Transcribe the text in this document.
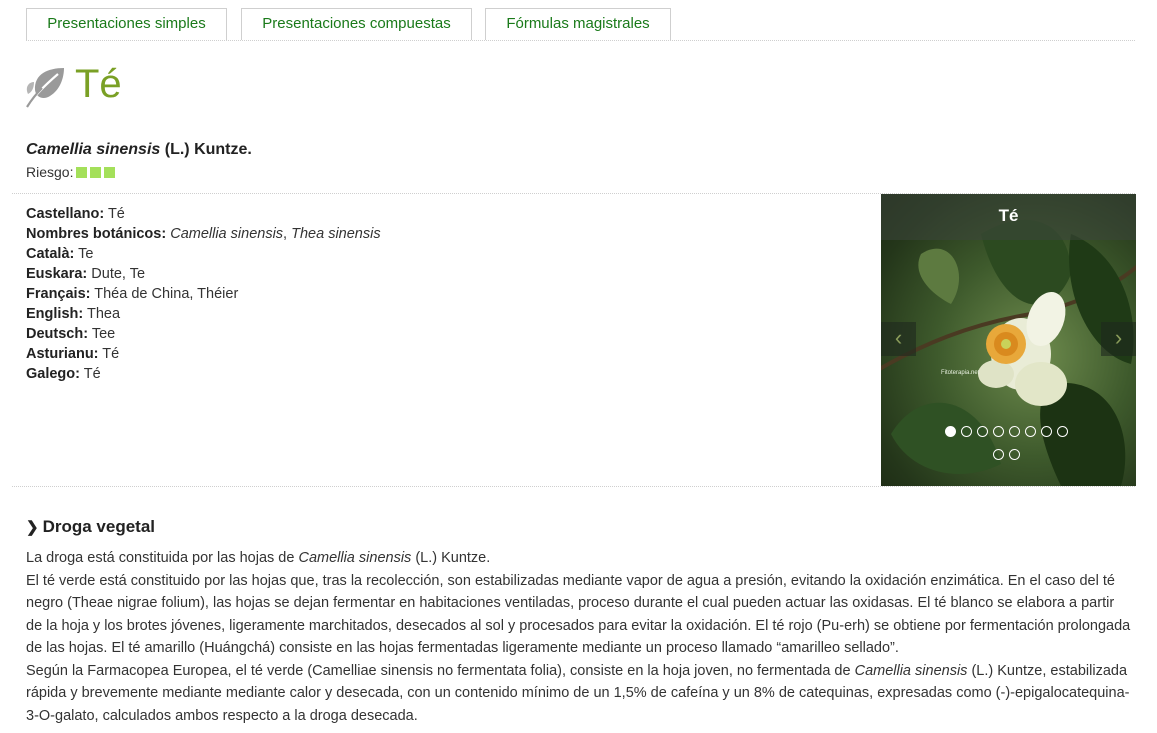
Presentaciones simples	Presentaciones compuestas	Fórmulas magistrales
Té
Camellia sinensis (L.) Kuntze.
Riesgo:
Castellano: Té
Nombres botánicos: Camellia sinensis, Thea sinensis
Català: Te
Euskara: Dute, Te
Français: Théa de China, Théier
English: Thea
Deutsch: Tee
Asturianu: Té
Galego: Té
Té
Fitoterapia.net
‹	›
❯ Droga vegetal

La droga está constituida por las hojas de Camellia sinensis (L.) Kuntze.

El té verde está constituido por las hojas que, tras la recolección, son estabilizadas mediante vapor de agua a presión, evitando la oxidación enzimática. En el caso del té negro (Theae nigrae folium), las hojas se dejan fermentar en habitaciones ventiladas, proceso durante el cual pueden actuar las oxidasas. El té blanco se elabora a partir de la hoja y los brotes jóvenes, ligeramente marchitados, desecados al sol y procesados para evitar la oxidación. El té rojo (Pu-erh) se obtiene por fermentación prolongada de las hojas. El té amarillo (Huángchá) consiste en las hojas fermentadas ligeramente mediante un proceso llamado “amarilleo sellado”.

Según la Farmacopea Europea, el té verde (Camelliae sinensis no fermentata folia), consiste en la hoja joven, no fermentada de Camellia sinensis (L.) Kuntze, estabilizada rápida y brevemente mediante mediante calor y desecada, con un contenido mínimo de un 1,5% de cafeína y un 8% de catequinas, expresadas como (-)-epigalocatequina-3-O-galato, calculados ambos respecto a la droga desecada.
